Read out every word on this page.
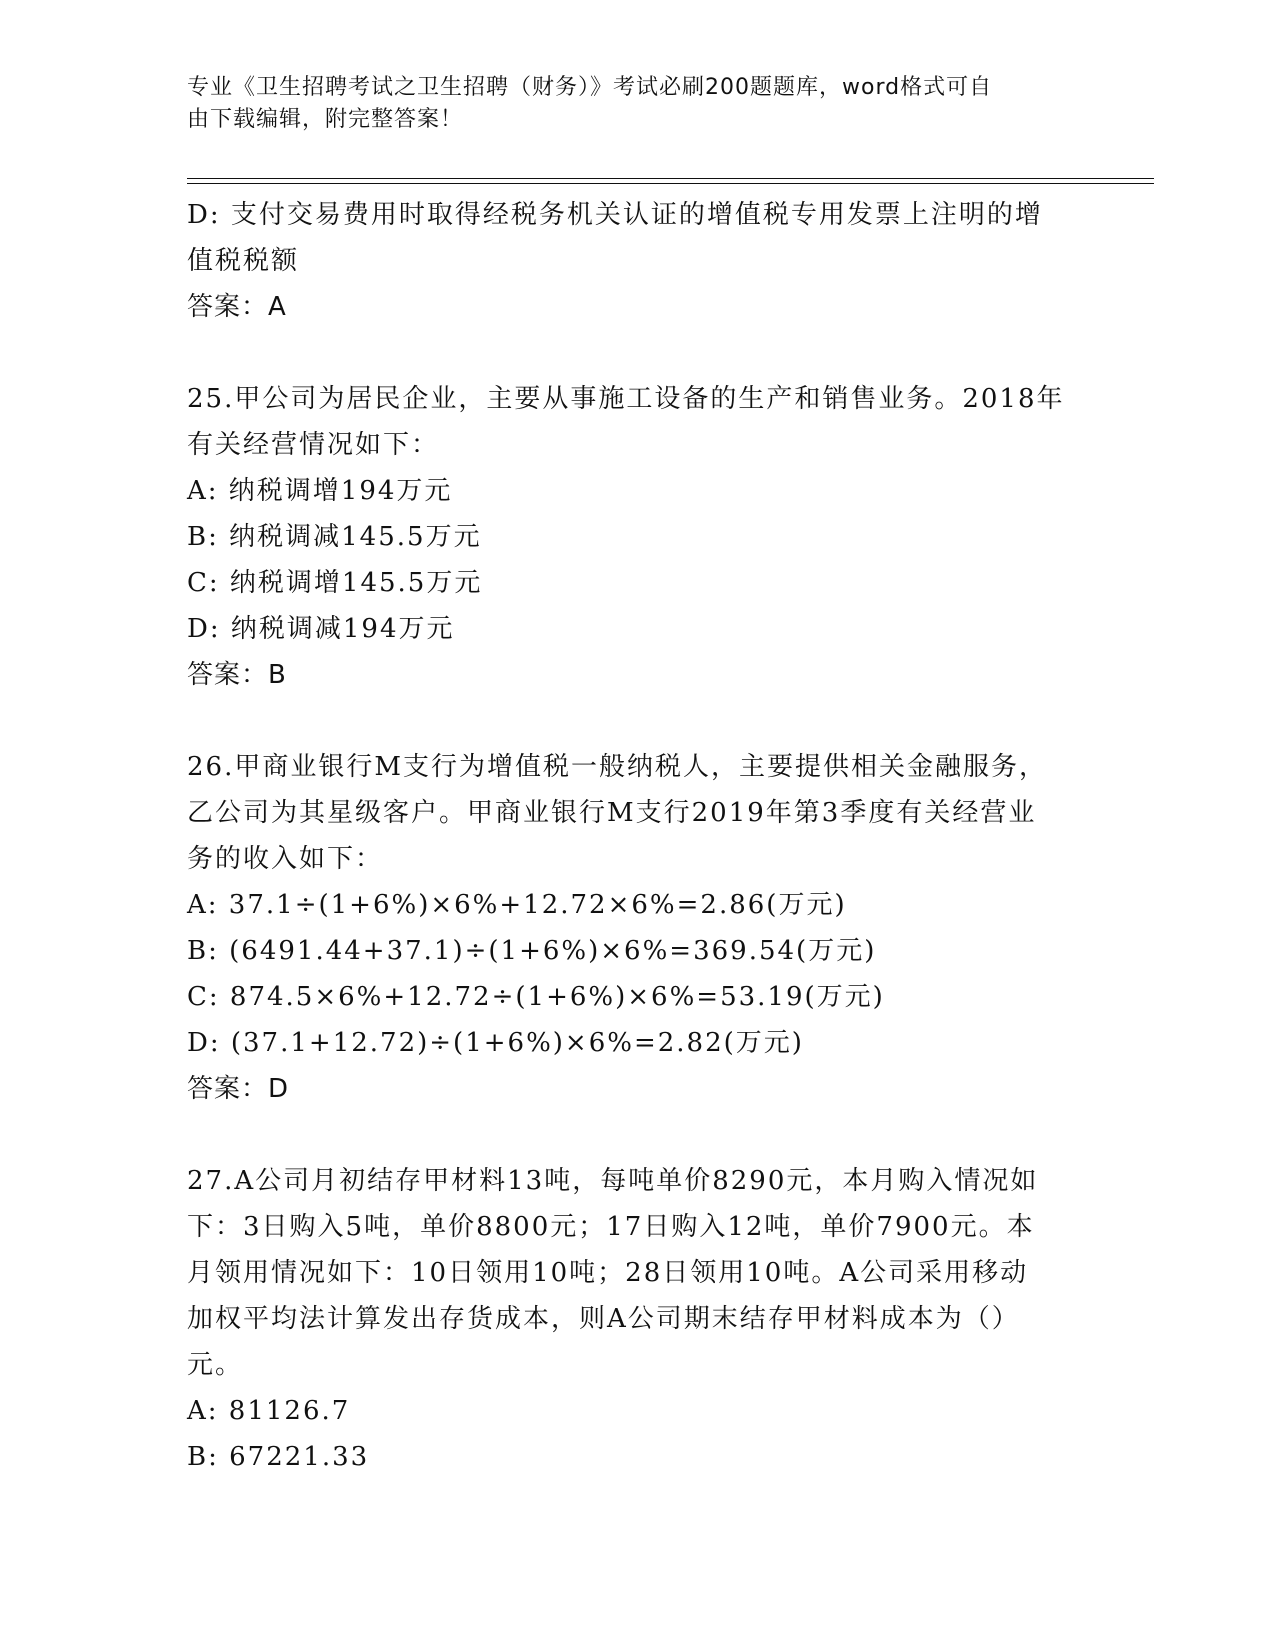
专业《卫生招聘考试之卫生招聘（财务）》考试必刷200题题库，word格式可自
由下载编辑，附完整答案！

D: 支付交易费用时取得经税务机关认证的增值税专用发票上注明的增

值税税额

答案：A

25.甲公司为居民企业，主要从事施工设备的生产和销售业务。2018年

有关经营情况如下：

A: 纳税调增194万元

B: 纳税调减145.5万元

C: 纳税调增145.5万元

D: 纳税调减194万元

答案：B

26.甲商业银行M支行为增值税一般纳税人，主要提供相关金融服务，

乙公司为其星级客户。甲商业银行M支行2019年第3季度有关经营业

务的收入如下：

A: 37.1÷(1+6%)×6%+12.72×6%=2.86(万元)

B: (6491.44+37.1)÷(1+6%)×6%=369.54(万元)

C: 874.5×6%+12.72÷(1+6%)×6%=53.19(万元)

D: (37.1+12.72)÷(1+6%)×6%=2.82(万元)

答案：D

27.A公司月初结存甲材料13吨，每吨单价8290元，本月购入情况如

下：3日购入5吨，单价8800元；17日购入12吨，单价7900元。本

月领用情况如下：10日领用10吨；28日领用10吨。A公司采用移动

加权平均法计算发出存货成本，则A公司期末结存甲材料成本为（）

元。

A: 81126.7

B: 67221.33
